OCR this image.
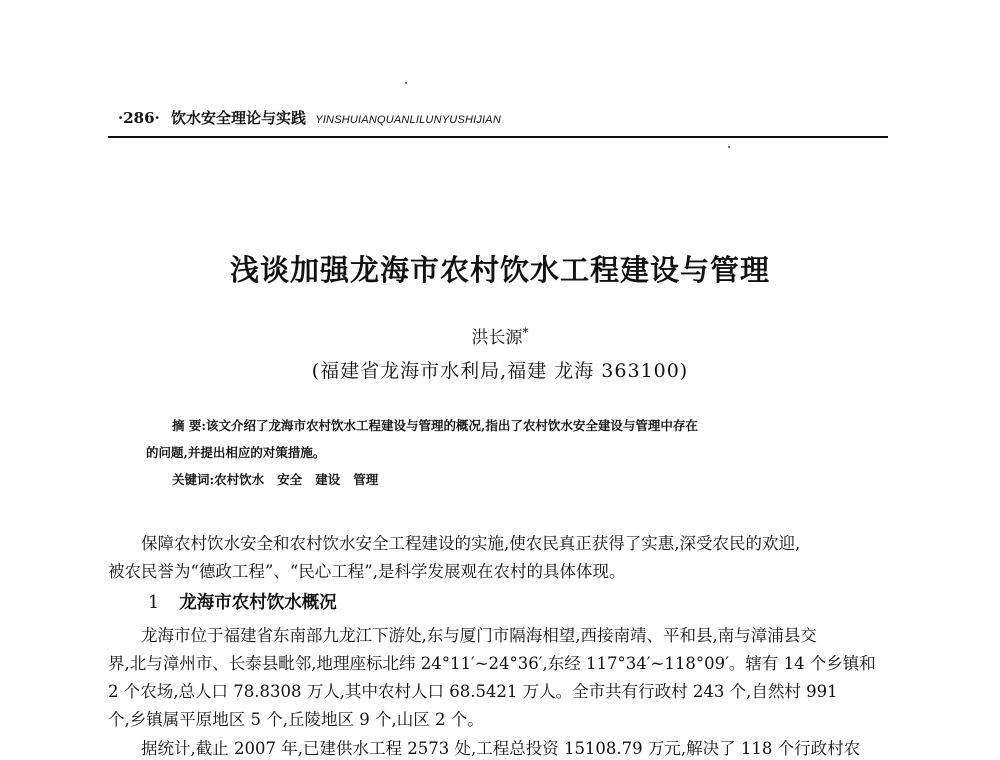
·286· 饮水安全理论与实践 YINSHUIANQUANLILUNYUSHIJIAN
浅谈加强龙海市农村饮水工程建设与管理
洪长源*
(福建省龙海市水利局,福建 龙海 363100)
摘 要:该文介绍了龙海市农村饮水工程建设与管理的概况,指出了农村饮水安全建设与管理中存在
的问题,并提出相应的对策措施。
关键词:农村饮水   安全   建设   管理
保障农村饮水安全和农村饮水安全工程建设的实施,使农民真正获得了实惠,深受农民的欢迎,
被农民誉为“德政工程”、“民心工程”,是科学发展观在农村的具体体现。
1 龙海市农村饮水概况
龙海市位于福建省东南部九龙江下游处,东与厦门市隔海相望,西接南靖、平和县,南与漳浦县交
界,北与漳州市、长泰县毗邻,地理座标北纬 24°11′~24°36′,东经 117°34′~118°09′。辖有 14 个乡镇和
2 个农场,总人口 78.8308 万人,其中农村人口 68.5421 万人。全市共有行政村 243 个,自然村 991
个,乡镇属平原地区 5 个,丘陵地区 9 个,山区 2 个。
据统计,截止 2007 年,已建供水工程 2573 处,工程总投资 15108.79 万元,解决了 118 个行政村农
